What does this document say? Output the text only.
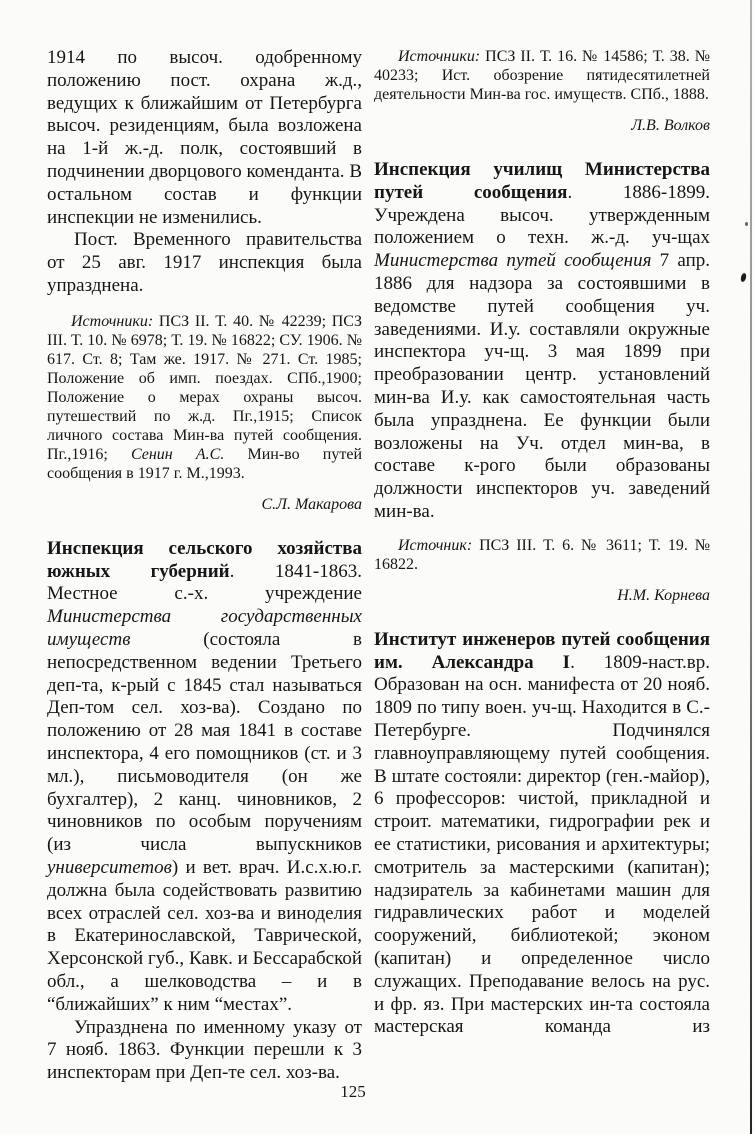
1914 по высоч. одобренному положению пост. охрана ж.д., ведущих к ближайшим от Петербурга высоч. резиденциям, была возложена на 1-й ж.-д. полк, состоявший в подчинении дворцового коменданта. В остальном состав и функции инспекции не изменились.

Пост. Временного правительства от 25 авг. 1917 инспекция была упразднена.

Источники: ПСЗ II. Т. 40. № 42239; ПСЗ III. Т. 10. № 6978; Т. 19. № 16822; СУ. 1906. № 617. Ст. 8; Там же. 1917. № 271. Ст. 1985; Положение об имп. поездах. СПб.,1900; Положение о мерах охраны высоч. путешествий по ж.д. Пг.,1915; Список личного состава Мин-ва путей сообщения. Пг.,1916; Сенин А.С. Мин-во путей сообщения в 1917 г. М.,1993.

С.Л. Макарова

Инспекция сельского хозяйства южных губерний. 1841-1863. Местное с.-х. учреждение Министерства государственных имуществ (состояла в непосредственном ведении Третьего деп-та, к-рый с 1845 стал называться Деп-том сел. хоз-ва). Создано по положению от 28 мая 1841 в составе инспектора, 4 его помощников (ст. и 3 мл.), письмоводителя (он же бухгалтер), 2 канц. чиновников, 2 чиновников по особым поручениям (из числа выпускников университетов) и вет. врач. И.с.х.ю.г. должна была содействовать развитию всех отраслей сел. хоз-ва и виноделия в Екатеринославской, Таврической, Херсонской губ., Кавк. и Бессарабской обл., а шелководства – и в “ближайших” к ним “местах”.

Упразднена по именному указу от 7 нояб. 1863. Функции перешли к 3 инспекторам при Деп-те сел. хоз-ва.

Источники: ПСЗ II. Т. 16. № 14586; Т. 38. № 40233; Ист. обозрение пятидесятилетней деятельности Мин-ва гос. имуществ. СПб., 1888.

Л.В. Волков

Инспекция училищ Министерства путей сообщения. 1886-1899. Учреждена высоч. утвержденным положением о техн. ж.-д. уч-щах Министерства путей сообщения 7 апр. 1886 для надзора за состоявшими в ведомстве путей сообщения уч. заведениями. И.у. составляли окружные инспектора уч-щ. 3 мая 1899 при преобразовании центр. установлений мин-ва И.у. как самостоятельная часть была упразднена. Ее функции были возложены на Уч. отдел мин-ва, в составе к-рого были образованы должности инспекторов уч. заведений мин-ва.

Источник: ПСЗ III. Т. 6. № 3611; Т. 19. № 16822.

Н.М. Корнева

Институт инженеров путей сообщения им. Александра I. 1809-наст.вр. Образован на осн. манифеста от 20 нояб. 1809 по типу воен. уч-щ. Находится в С.-Петербурге. Подчинялся главноуправляющему путей сообщения. В штате состояли: директор (ген.-майор), 6 профессоров: чистой, прикладной и строит. математики, гидрографии рек и ее статистики, рисования и архитектуры; смотритель за мастерскими (капитан); надзиратель за кабинетами машин для гидравлических работ и моделей сооружений, библиотекой; эконом (капитан) и определенное число служащих. Преподавание велось на рус. и фр. яз. При мастерских ин-та состояла мастерская команда из

125
